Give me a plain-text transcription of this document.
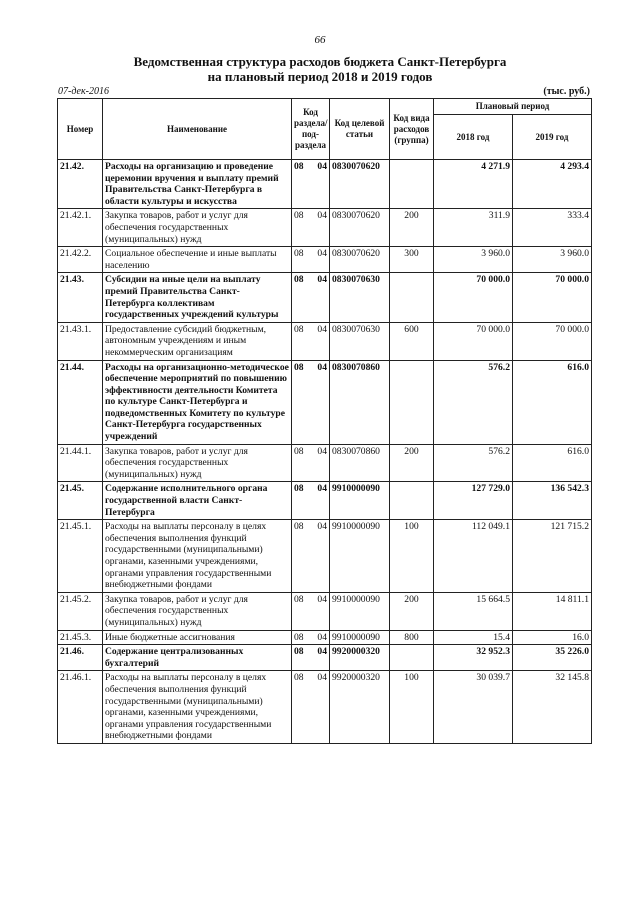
66
Ведомственная структура расходов бюджета Санкт-Петербурга
на плановый период 2018 и 2019 годов
07-дек-2016	(тыс. руб.)
Номер	Наименование	Код раздела/ под-раздела	Код целевой статьи	Код вида расходов (группа)	Плановый период	
					2018 год	2019 год
21.42.	Расходы на организацию и проведение церемонии вручения и выплату премий Правительства Санкт-Петербурга в области культуры и искусства	08 04	0830070620		4 271.9	4 293.4
21.42.1.	Закупка товаров, работ и услуг для обеспечения государственных (муниципальных) нужд	08 04	0830070620	200	311.9	333.4
21.42.2.	Социальное обеспечение и иные выплаты населению	08 04	0830070620	300	3 960.0	3 960.0
21.43.	Субсидии на иные цели на выплату премий Правительства Санкт-Петербурга коллективам государственных учреждений культуры	08 04	0830070630		70 000.0	70 000.0
21.43.1.	Предоставление субсидий бюджетным, автономным учреждениям и иным некоммерческим организациям	08 04	0830070630	600	70 000.0	70 000.0
21.44.	Расходы на организационно-методическое обеспечение мероприятий по повышению эффективности деятельности Комитета по культуре Санкт-Петербурга и подведомственных Комитету по культуре Санкт-Петербурга государственных учреждений	08 04	0830070860		576.2	616.0
21.44.1.	Закупка товаров, работ и услуг для обеспечения государственных (муниципальных) нужд	08 04	0830070860	200	576.2	616.0
21.45.	Содержание исполнительного органа государственной власти Санкт-Петербурга	08 04	9910000090		127 729.0	136 542.3
21.45.1.	Расходы на выплаты персоналу в целях обеспечения выполнения функций государственными (муниципальными) органами, казенными учреждениями, органами управления государственными внебюджетными фондами	08 04	9910000090	100	112 049.1	121 715.2
21.45.2.	Закупка товаров, работ и услуг для обеспечения государственных (муниципальных) нужд	08 04	9910000090	200	15 664.5	14 811.1
21.45.3.	Иные бюджетные ассигнования	08 04	9910000090	800	15.4	16.0
21.46.	Содержание централизованных бухгалтерий	08 04	9920000320		32 952.3	35 226.0
21.46.1.	Расходы на выплаты персоналу в целях обеспечения выполнения функций государственными (муниципальными) органами, казенными учреждениями, органами управления государственными внебюджетными фондами	08 04	9920000320	100	30 039.7	32 145.8
